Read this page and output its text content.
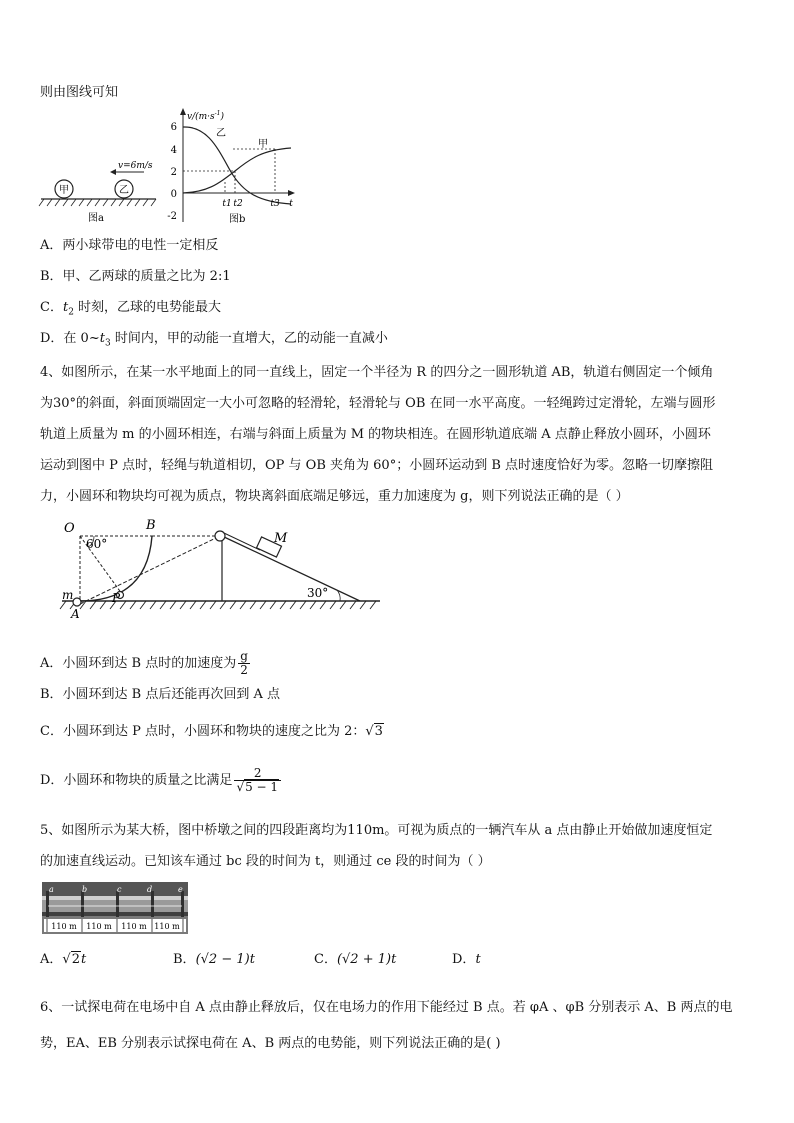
则由图线可知
甲	乙
v=6m/s
图a
$v/(m\cdot s^{-1})$
6
4
2
0
-2
乙
甲
t1 t2	t3 t
图b
A．两小球带电的电性一定相反
B．甲、乙两球的质量之比为 2:1
C．$t_2$ 时刻，乙球的电势能最大
D．在 $0\sim t_3$ 时间内，甲的动能一直增大，乙的动能一直减小
4、如图所示，在某一水平地面上的同一直线上，固定一个半径为 R 的四分之一圆形轨道 AB，轨道右侧固定一个倾角
为30°的斜面，斜面顶端固定一大小可忽略的轻滑轮，轻滑轮与 OB 在同一水平高度。一轻绳跨过定滑轮，左端与圆形
轨道上质量为 m 的小圆环相连，右端与斜面上质量为 M 的物块相连。在圆形轨道底端 A 点静止释放小圆环，小圆环
运动到图中 P 点时，轻绳与轨道相切，OP 与 OB 夹角为 60°；小圆环运动到 B 点时速度恰好为零。忽略一切摩擦阻
力，小圆环和物块均可视为质点，物块离斜面底端足够远，重力加速度为 g，则下列说法正确的是（ ）
O	B
60°	M
m	P
A
30°
A．小圆环到达 B 点时的加速度为 $\frac{g}{2}$
B．小圆环到达 B 点后还能再次回到 A 点
C．小圆环到达 P 点时，小圆环和物块的速度之比为 2：√3
D．小圆环和物块的质量之比满足 $\frac{2}{√5 - 1}$
5、如图所示为某大桥，图中桥墩之间的四段距离均为110m。可视为质点的一辆汽车从 a 点由静止开始做加速度恒定
的加速直线运动。已知该车通过 bc 段的时间为 t，则通过 ce 段的时间为（ ）
a	b	c	d	e
110 m 110 m 110 m 110 m
A．√2t	B．(√2 − 1)t	C．(√2 + 1)t	D．t
6、一试探电荷在电场中自 A 点由静止释放后，仅在电场力的作用下能经过 B 点。若 φA 、φB 分别表示 A、B 两点的电
势，EA、EB 分别表示试探电荷在 A、B 两点的电势能，则下列说法正确的是( )
